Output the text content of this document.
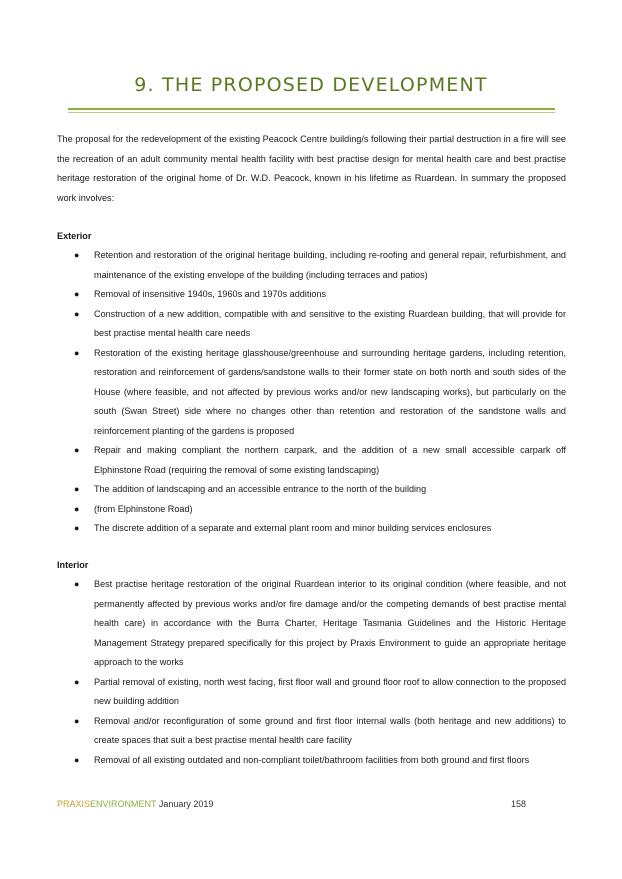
9. THE PROPOSED DEVELOPMENT
The proposal for the redevelopment of the existing Peacock Centre building/s following their partial destruction in a fire will see the recreation of an adult community mental health facility with best practise design for mental health care and best practise heritage restoration of the original home of Dr. W.D. Peacock, known in his lifetime as Ruardean. In summary the proposed work involves:
Exterior
● Retention and restoration of the original heritage building, including re-roofing and general repair, refurbishment, and maintenance of the existing envelope of the building (including terraces and patios)
● Removal of insensitive 1940s, 1960s and 1970s additions
● Construction of a new addition, compatible with and sensitive to the existing Ruardean building, that will provide for best practise mental health care needs
● Restoration of the existing heritage glasshouse/greenhouse and surrounding heritage gardens, including retention, restoration and reinforcement of gardens/sandstone walls to their former state on both north and south sides of the House (where feasible, and not affected by previous works and/or new landscaping works), but particularly on the south (Swan Street) side where no changes other than retention and restoration of the sandstone walls and reinforcement planting of the gardens is proposed
● Repair and making compliant the northern carpark, and the addition of a new small accessible carpark off Elphinstone Road (requiring the removal of some existing landscaping)
● The addition of landscaping and an accessible entrance to the north of the building
● (from Elphinstone Road)
● The discrete addition of a separate and external plant room and minor building services enclosures
Interior
● Best practise heritage restoration of the original Ruardean interior to its original condition (where feasible, and not permanently affected by previous works and/or fire damage and/or the competing demands of best practise mental health care) in accordance with the Burra Charter, Heritage Tasmania Guidelines and the Historic Heritage Management Strategy prepared specifically for this project by Praxis Environment to guide an appropriate heritage approach to the works
● Partial removal of existing, north west facing, first floor wall and ground floor roof to allow connection to the proposed new building addition
● Removal and/or reconfiguration of some ground and first floor internal walls (both heritage and new additions) to create spaces that suit a best practise mental health care facility
● Removal of all existing outdated and non-compliant toilet/bathroom facilities from both ground and first floors
PRAXISENVIRONMENT January 2019	158
